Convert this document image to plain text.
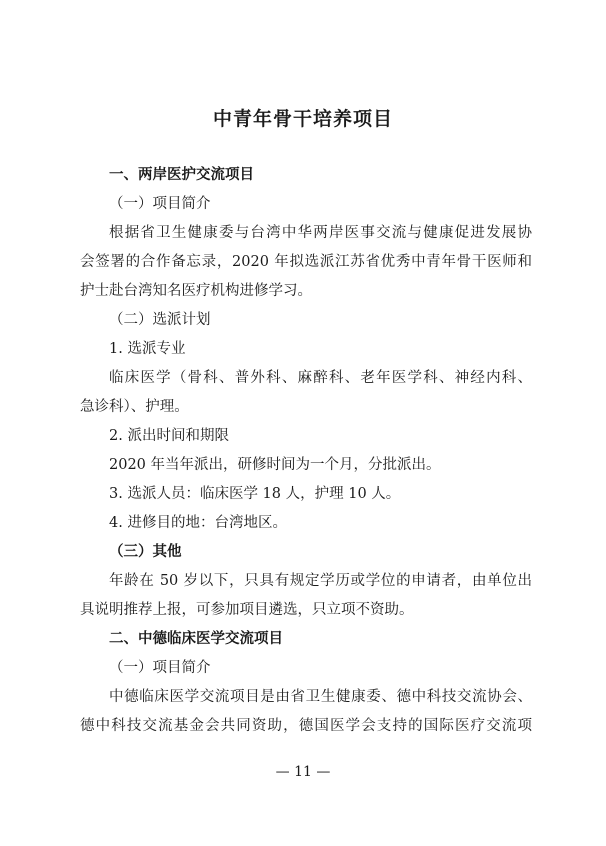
中青年骨干培养项目

一、两岸医护交流项目

（一）项目简介

根据省卫生健康委与台湾中华两岸医事交流与健康促进发展协

会签署的合作备忘录，2020 年拟选派江苏省优秀中青年骨干医师和

护士赴台湾知名医疗机构进修学习。

（二）选派计划

1. 选派专业

临床医学（骨科、普外科、麻醉科、老年医学科、神经内科、

急诊科）、护理。

2. 派出时间和期限

2020 年当年派出，研修时间为一个月，分批派出。

3. 选派人员：临床医学 18 人，护理 10 人。

4. 进修目的地：台湾地区。

（三）其他

年龄在 50 岁以下，只具有规定学历或学位的申请者，由单位出

具说明推荐上报，可参加项目遴选，只立项不资助。

二、中德临床医学交流项目

（一）项目简介

中德临床医学交流项目是由省卫生健康委、德中科技交流协会、

德中科技交流基金会共同资助，德国医学会支持的国际医疗交流项

— 11 —
